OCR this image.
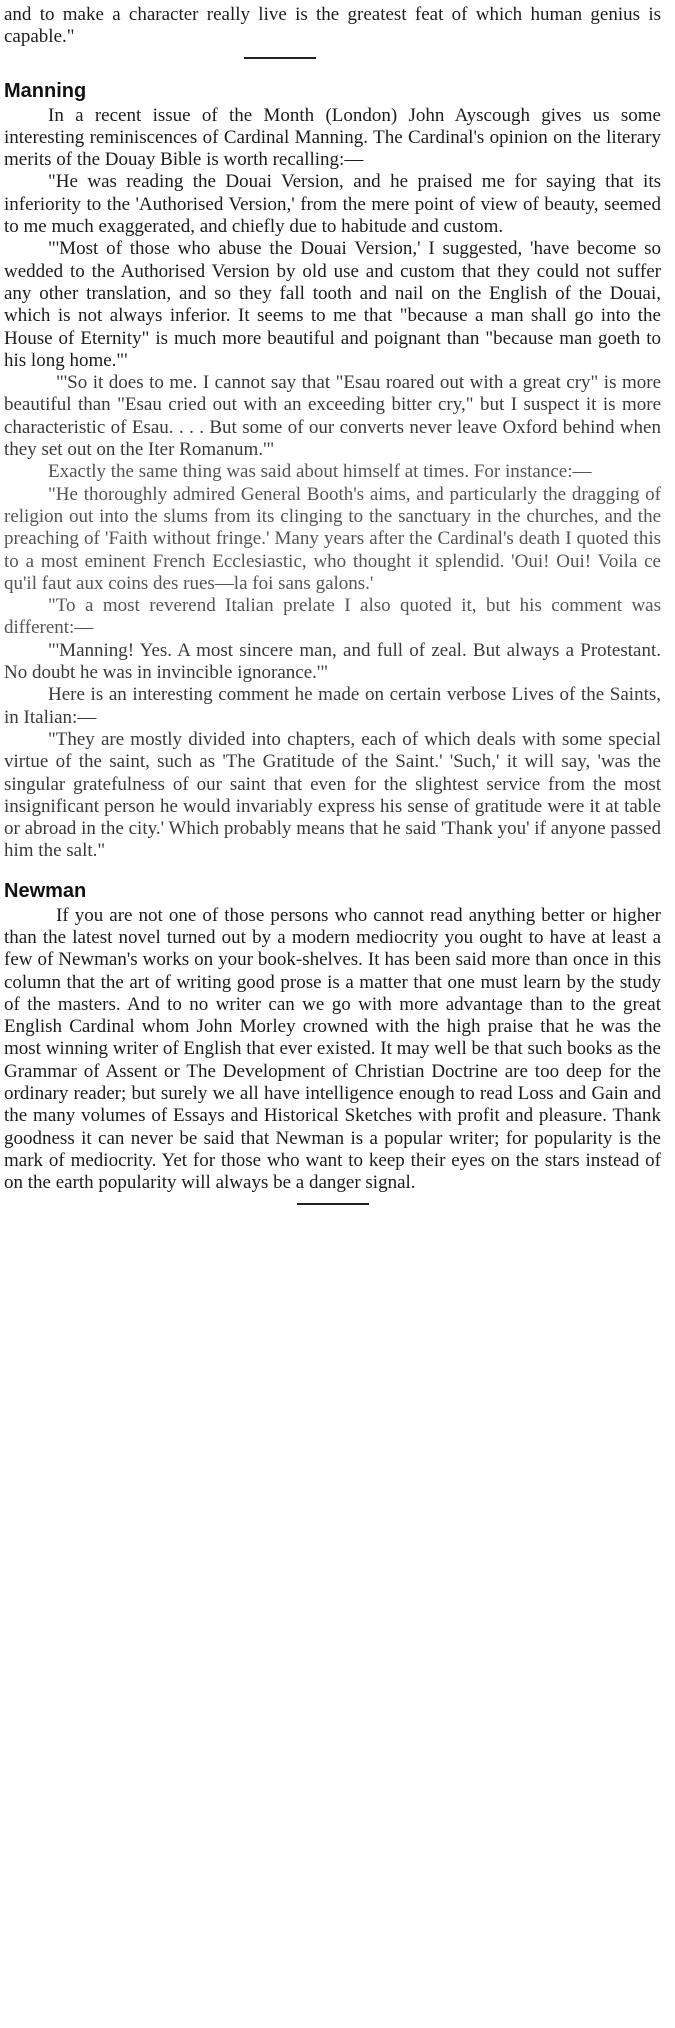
and to make a character really live is the greatest feat of which human genius is capable."

Manning

In a recent issue of the Month (London) John Ayscough gives us some interesting reminiscences of Cardinal Manning. The Cardinal's opinion on the literary merits of the Douay Bible is worth recalling:—

"He was reading the Douai Version, and he praised me for saying that its inferiority to the 'Authorised Version,' from the mere point of view of beauty, seemed to me much exaggerated, and chiefly due to habitude and custom.

"'Most of those who abuse the Douai Version,' I suggested, 'have become so wedded to the Authorised Version by old use and custom that they could not suffer any other translation, and so they fall tooth and nail on the English of the Douai, which is not always inferior. It seems to me that "because a man shall go into the House of Eternity" is much more beautiful and poignant than "because man goeth to his long home."'

"'So it does to me. I cannot say that "Esau roared out with a great cry" is more beautiful than "Esau cried out with an exceeding bitter cry," but I suspect it is more characteristic of Esau. . . . But some of our converts never leave Oxford behind when they set out on the Iter Romanum.'"

Exactly the same thing was said about himself at times. For instance:—

"He thoroughly admired General Booth's aims, and particularly the dragging of religion out into the slums from its clinging to the sanctuary in the churches, and the preaching of 'Faith without fringe.' Many years after the Cardinal's death I quoted this to a most eminent French Ecclesiastic, who thought it splendid. 'Oui! Oui! Voila ce qu'il faut aux coins des rues—la foi sans galons.'

"To a most reverend Italian prelate I also quoted it, but his comment was different:—

"'Manning! Yes. A most sincere man, and full of zeal. But always a Protestant. No doubt he was in invincible ignorance.'"

Here is an interesting comment he made on certain verbose Lives of the Saints, in Italian:—

"They are mostly divided into chapters, each of which deals with some special virtue of the saint, such as 'The Gratitude of the Saint.' 'Such,' it will say, 'was the singular gratefulness of our saint that even for the slightest service from the most insignificant person he would invariably express his sense of gratitude were it at table or abroad in the city.' Which probably means that he said 'Thank you' if anyone passed him the salt."

Newman

If you are not one of those persons who cannot read anything better or higher than the latest novel turned out by a modern mediocrity you ought to have at least a few of Newman's works on your book-shelves. It has been said more than once in this column that the art of writing good prose is a matter that one must learn by the study of the masters. And to no writer can we go with more advantage than to the great English Cardinal whom John Morley crowned with the high praise that he was the most winning writer of English that ever existed. It may well be that such books as the Grammar of Assent or The Development of Christian Doctrine are too deep for the ordinary reader; but surely we all have intelligence enough to read Loss and Gain and the many volumes of Essays and Historical Sketches with profit and pleasure. Thank goodness it can never be said that Newman is a popular writer; for popularity is the mark of mediocrity. Yet for those who want to keep their eyes on the stars instead of on the earth popularity will always be a danger signal.
